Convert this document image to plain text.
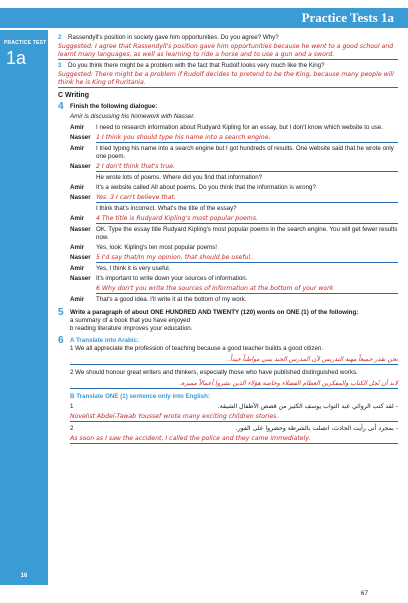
Practice Tests 1a
PRACTICE TEST
1a
16
2 Rassendyll's position in society gave him opportunities. Do you agree? Why?
Suggested: I agree that Rassendyll's position gave him opportunities because he went to a good school and learnt many languages, as well as learning to ride a horse and to use a gun and a sword.
3 Do you think there might be a problem with the fact that Rudolf looks very much like the King?
Suggested: There might be a problem if Rudolf decides to pretend to be the King, because many people will think he is King of Ruritania.
C Writing
4 Finish the following dialogue:
Amir is discussing his homework with Nasser.
Amir	I need to research information about Rudyard Kipling for an essay, but I don't know which website to use.
Nasser 1 I think you should type his name into a search engine.
Amir	I tried typing his name into a search engine but I got hundreds of results. One website said that he wrote only one poem.
Nasser 2 I don't think that's true.
He wrote lots of poems. Where did you find that information?
Amir	It's a website called All about poems. Do you think that the information is wrong?
Nasser Yes. 3 I can't believe that.
I think that's incorrect. What's the title of the essay?
Amir	4 The title is Rudyard Kipling's most popular poems.
Nasser OK. Type the essay title Rudyard Kipling's most popular poems in the search engine. You will get fewer results now.
Amir	Yes, look: Kipling's ten most popular poems!
Nasser 5 I'd say that/In my opinion, that should be useful.
Amir	Yes, I think it is very useful.
Nasser It's important to write down your sources of information.
6 Why don't you write the sources of information at the bottom of your work
Amir	That's a good idea. I'll write it at the bottom of my work.
5 Write a paragraph of about ONE HUNDRED AND TWENTY (120) words on ONE (1) of the following:
a summary of a book that you have enjoyed
b reading literature improves your education.
6 A Translate into Arabic:
1 We all appreciate the profession of teaching because a good teacher builds a good citizen.
نحن نقدر جميعاً مهنة التدريس لأن المدرس الجيد يبني مواطناً جيداً.
2 We should honour great writers and thinkers, especially those who have published distinguished works.
لابد أن نُجل الكتاب والمفكرين العظام الفضلاء وخاصة هؤلاء الذين نشروا أعمالاً مميزة.
B Translate ONE (1) sentence only into English:
1	- لقد كتب الروائي عبد التواب يوسف الكثير من قصص الأطفال الشيقة.
Novelist Abdel-Tawab Youssef wrote many exciting children stories.
2	- بمجرد أنى رأيت الحادث، اتصلت بالشرطة وحضروا على الفور.
As soon as I saw the accident, I called the police and they came immediately.
67
